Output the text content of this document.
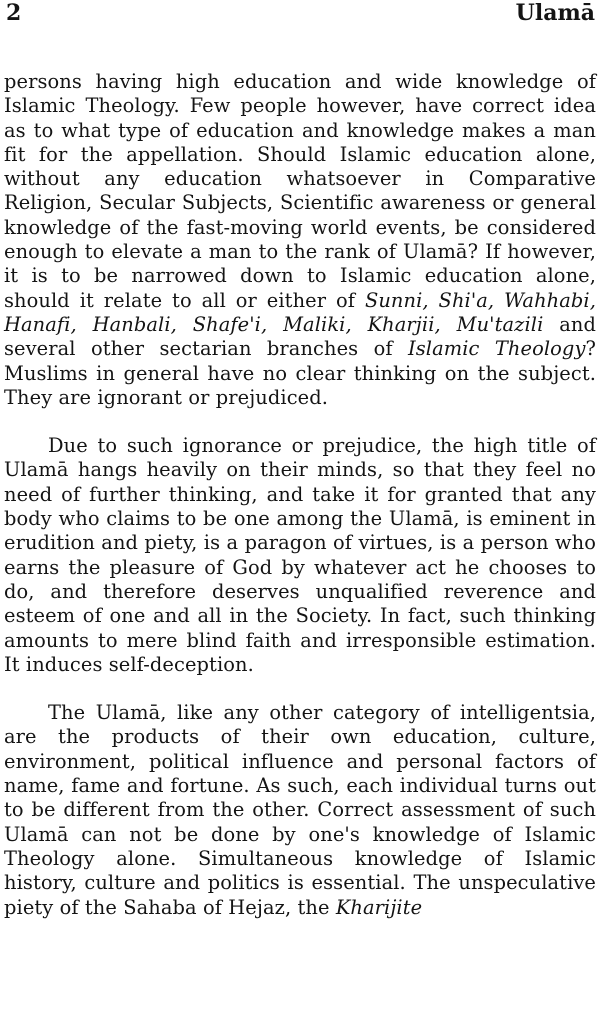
2	Ulamā

persons having high education and wide knowledge of Islamic Theology. Few people however, have correct idea as to what type of education and knowledge makes a man fit for the appellation. Should Islamic education alone, without any education whatsoever in Comparative Religion, Secular Subjects, Scientific awareness or general knowledge of the fast-moving world events, be considered enough to elevate a man to the rank of Ulamā? If however, it is to be narrowed down to Islamic education alone, should it relate to all or either of Sunni, Shi'a, Wahhabi, Hanafi, Hanbali, Shafe'i, Maliki, Kharjii, Mu'tazili and several other sectarian branches of Islamic Theology? Muslims in general have no clear thinking on the subject. They are ignorant or prejudiced.

Due to such ignorance or prejudice, the high title of Ulamā hangs heavily on their minds, so that they feel no need of further thinking, and take it for granted that any body who claims to be one among the Ulamā, is eminent in erudition and piety, is a paragon of virtues, is a person who earns the pleasure of God by whatever act he chooses to do, and therefore deserves unqualified reverence and esteem of one and all in the Society. In fact, such thinking amounts to mere blind faith and irresponsible estimation. It induces self-deception.

The Ulamā, like any other category of intelligentsia, are the products of their own education, culture, environment, political influence and personal factors of name, fame and fortune. As such, each individual turns out to be different from the other. Correct assessment of such Ulamā can not be done by one's knowledge of Islamic Theology alone. Simultaneous knowledge of Islamic history, culture and politics is essential. The unspeculative piety of the Sahaba of Hejaz, the Kharijite
